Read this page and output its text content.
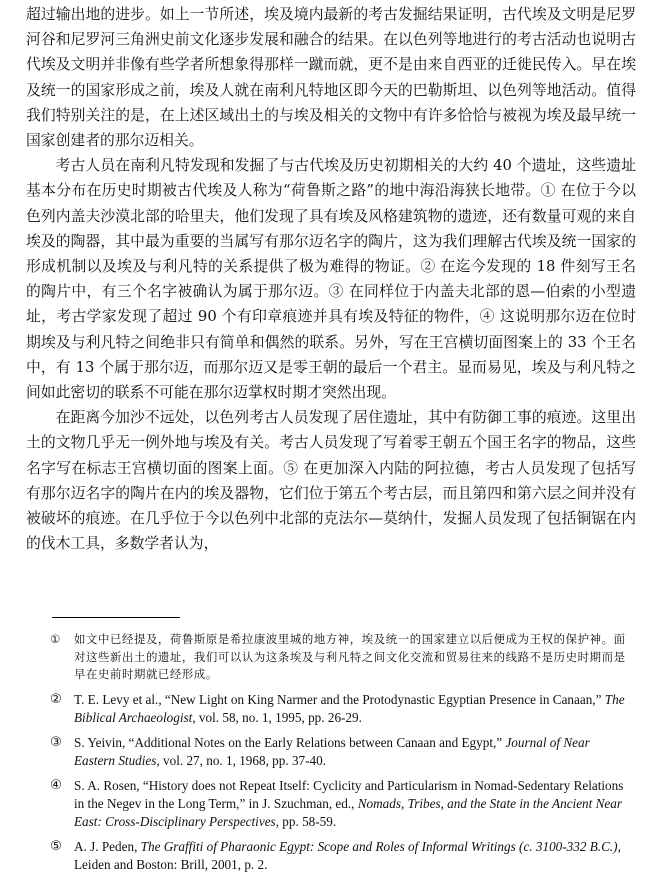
超过输出地的进步。如上一节所述，埃及境内最新的考古发掘结果证明，古代埃及文明是尼罗河谷和尼罗河三角洲史前文化逐步发展和融合的结果。在以色列等地进行的考古活动也说明古代埃及文明并非像有些学者所想象得那样一蹴而就，更不是由来自西亚的迁徙民传入。早在埃及统一的国家形成之前，埃及人就在南利凡特地区即今天的巴勒斯坦、以色列等地活动。值得我们特别关注的是，在上述区域出土的与埃及相关的文物中有许多恰恰与被视为埃及最早统一国家创建者的那尔迈相关。

考古人员在南利凡特发现和发掘了与古代埃及历史初期相关的大约 40 个遗址，这些遗址基本分布在历史时期被古代埃及人称为“荷鲁斯之路”的地中海沿海狭长地带。① 在位于今以色列内盖夫沙漠北部的哈里夫，他们发现了具有埃及风格建筑物的遗迹，还有数量可观的来自埃及的陶器，其中最为重要的当属写有那尔迈名字的陶片，这为我们理解古代埃及统一国家的形成机制以及埃及与利凡特的关系提供了极为难得的物证。② 在迄今发现的 18 件刻写王名的陶片中，有三个名字被确认为属于那尔迈。③ 在同样位于内盖夫北部的恩—伯索的小型遗址，考古学家发现了超过 90 个有印章痕迹并具有埃及特征的物件，④ 这说明那尔迈在位时期埃及与利凡特之间绝非只有简单和偶然的联系。另外，写在王宫横切面图案上的 33 个王名中，有 13 个属于那尔迈，而那尔迈又是零王朝的最后一个君主。显而易见，埃及与利凡特之间如此密切的联系不可能在那尔迈掌权时期才突然出现。

在距离今加沙不远处，以色列考古人员发现了居住遗址，其中有防御工事的痕迹。这里出土的文物几乎无一例外地与埃及有关。考古人员发现了写着零王朝五个国王名字的物品，这些名字写在标志王宫横切面的图案上面。⑤ 在更加深入内陆的阿拉德，考古人员发现了包括写有那尔迈名字的陶片在内的埃及器物，它们位于第五个考古层，而且第四和第六层之间并没有被破坏的痕迹。在几乎位于今以色列中北部的克法尔—莫纳什，发掘人员发现了包括铜锯在内的伐木工具，多数学者认为，

① 如文中已经提及，荷鲁斯原是希拉康波里城的地方神，埃及统一的国家建立以后便成为王权的保护神。面对这些新出土的遗址，我们可以认为这条埃及与利凡特之间文化交流和贸易往来的线路不是历史时期而是早在史前时期就已经形成。
② T. E. Levy et al., “New Light on King Narmer and the Protodynastic Egyptian Presence in Canaan,” The Biblical Archaeologist, vol. 58, no. 1, 1995, pp. 26-29.
③ S. Yeivin, “Additional Notes on the Early Relations between Canaan and Egypt,” Journal of Near Eastern Studies, vol. 27, no. 1, 1968, pp. 37-40.
④ S. A. Rosen, “History does not Repeat Itself: Cyclicity and Particularism in Nomad-Sedentary Relations in the Negev in the Long Term,” in J. Szuchman, ed., Nomads, Tribes, and the State in the Ancient Near East: Cross-Disciplinary Perspectives, pp. 58-59.
⑤ A. J. Peden, The Graffiti of Pharaonic Egypt: Scope and Roles of Informal Writings (c. 3100-332 B.C.), Leiden and Boston: Brill, 2001, p. 2.
